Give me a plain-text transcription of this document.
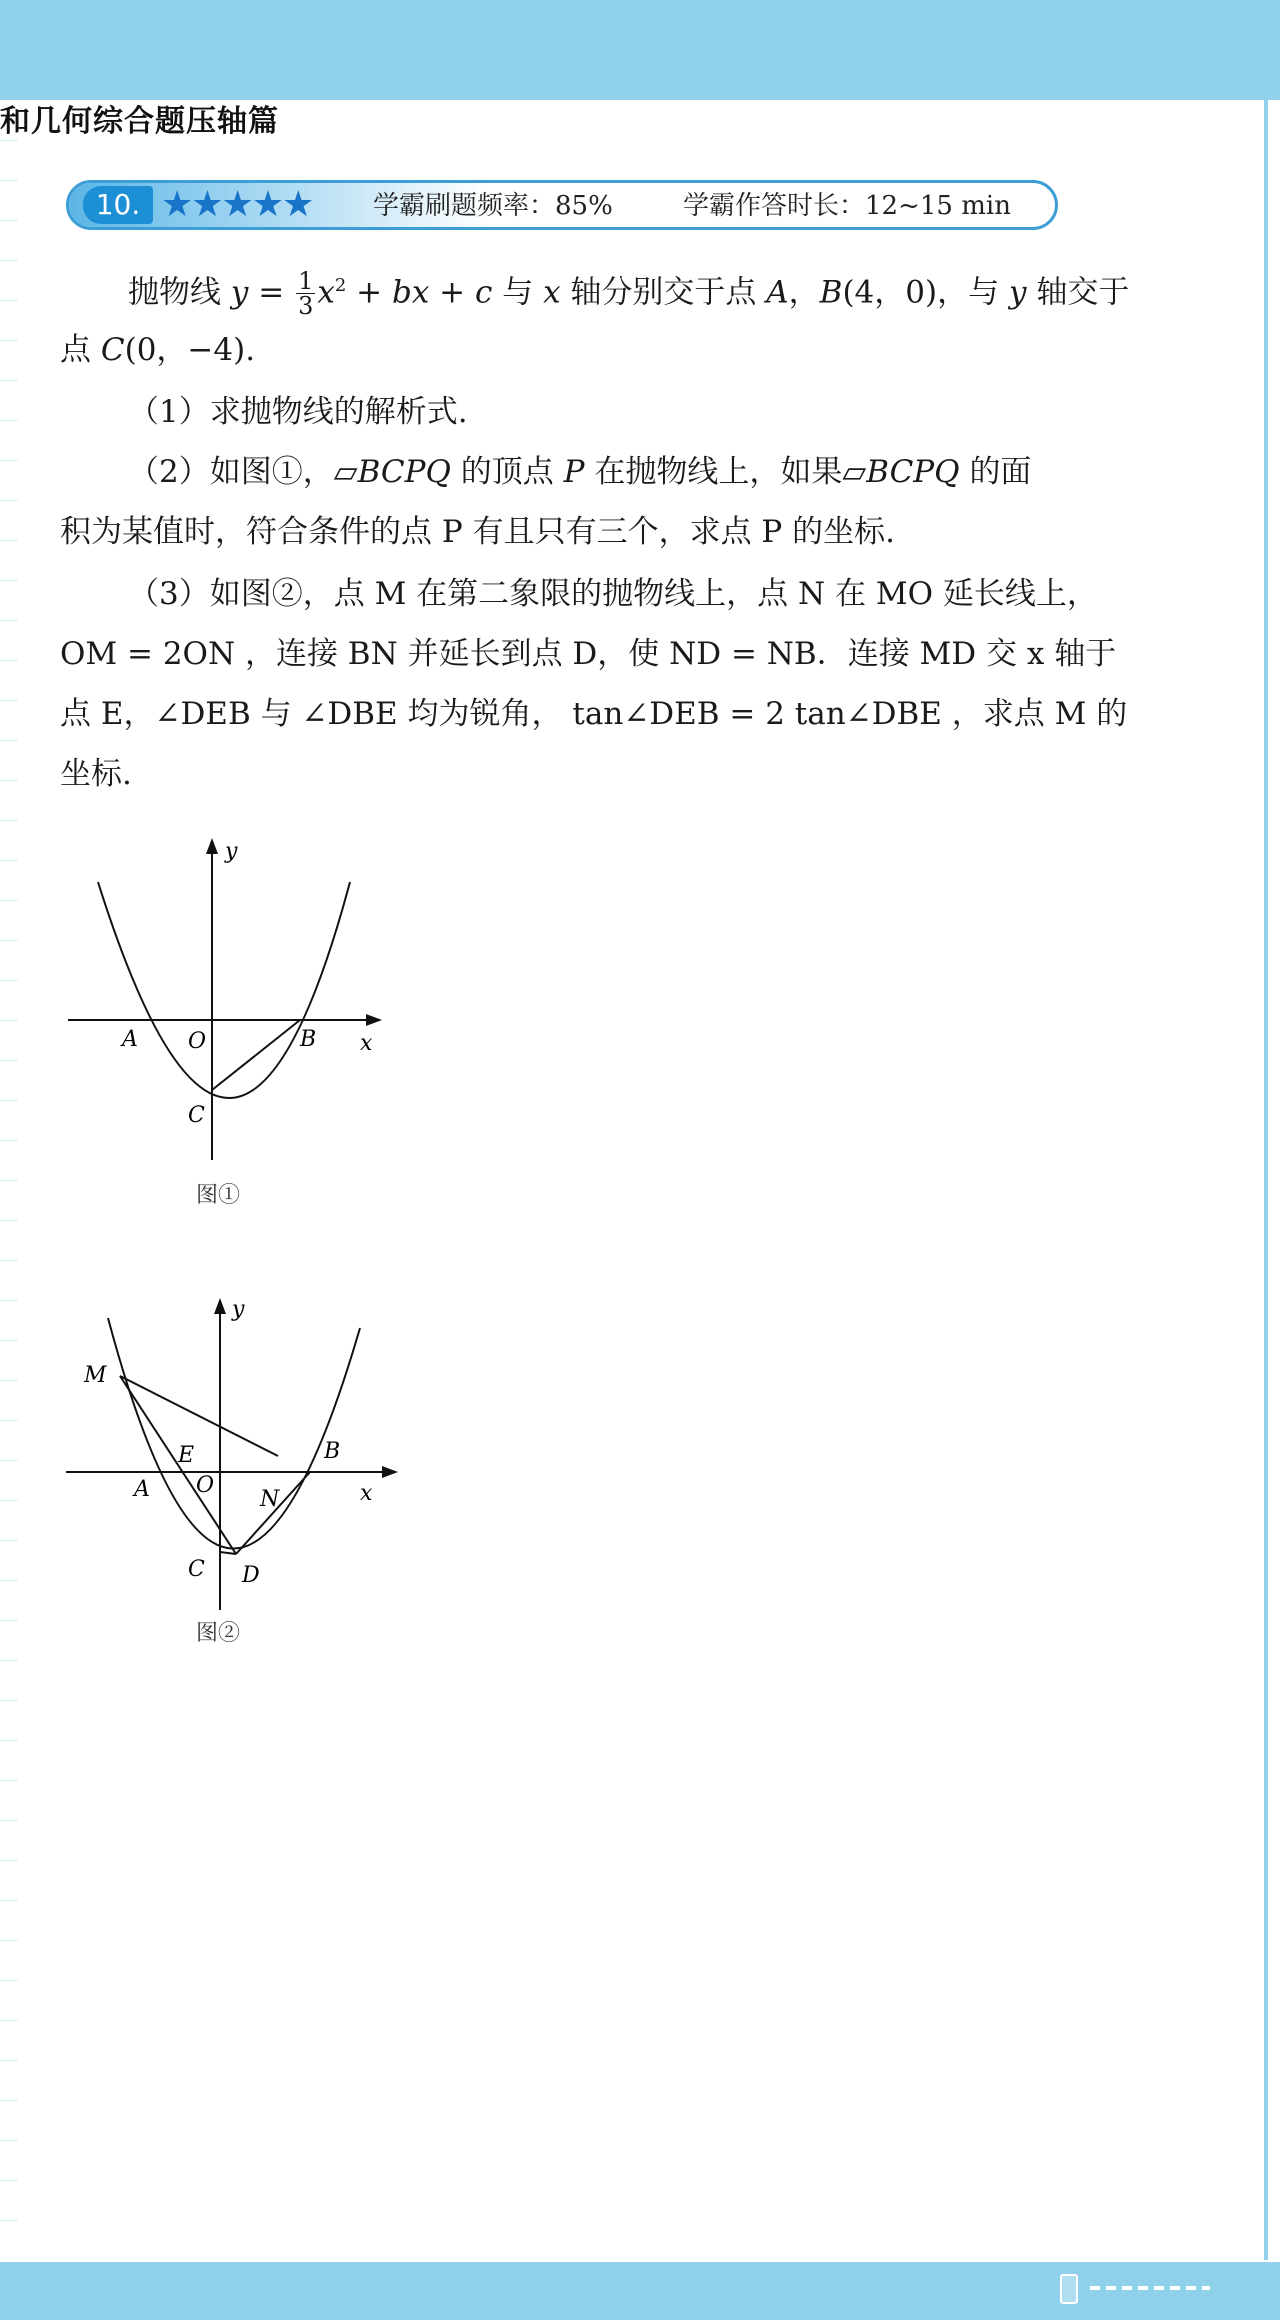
和几何综合题压轴篇
10. ★★★★★ 学霸刷题频率：85%	学霸作答时长：12~15 min
抛物线 $y = \frac{1}{3} x^2$ + bx + c 与 x 轴分别交于点 A，B(4，0)，与 y 轴交于
点 C(0，−4).
（1）求抛物线的解析式.
（2）如图①，▱BCPQ 的顶点 P 在抛物线上，如果▱BCPQ 的面
积为某值时，符合条件的点 P 有且只有三个，求点 P 的坐标.
（3）如图②，点 M 在第二象限的抛物线上，点 N 在 MO 延长线上，
OM = 2ON ，连接 BN 并延长到点 D，使 ND = NB．连接 MD 交 x 轴于
点 E，∠DEB 与 ∠DBE 均为锐角， tan∠DEB = 2 tan∠DBE ，求点 M 的
坐标.
y
x
A O	B
C
图①
y
x
M
E
A O
B
N
C D
图②
